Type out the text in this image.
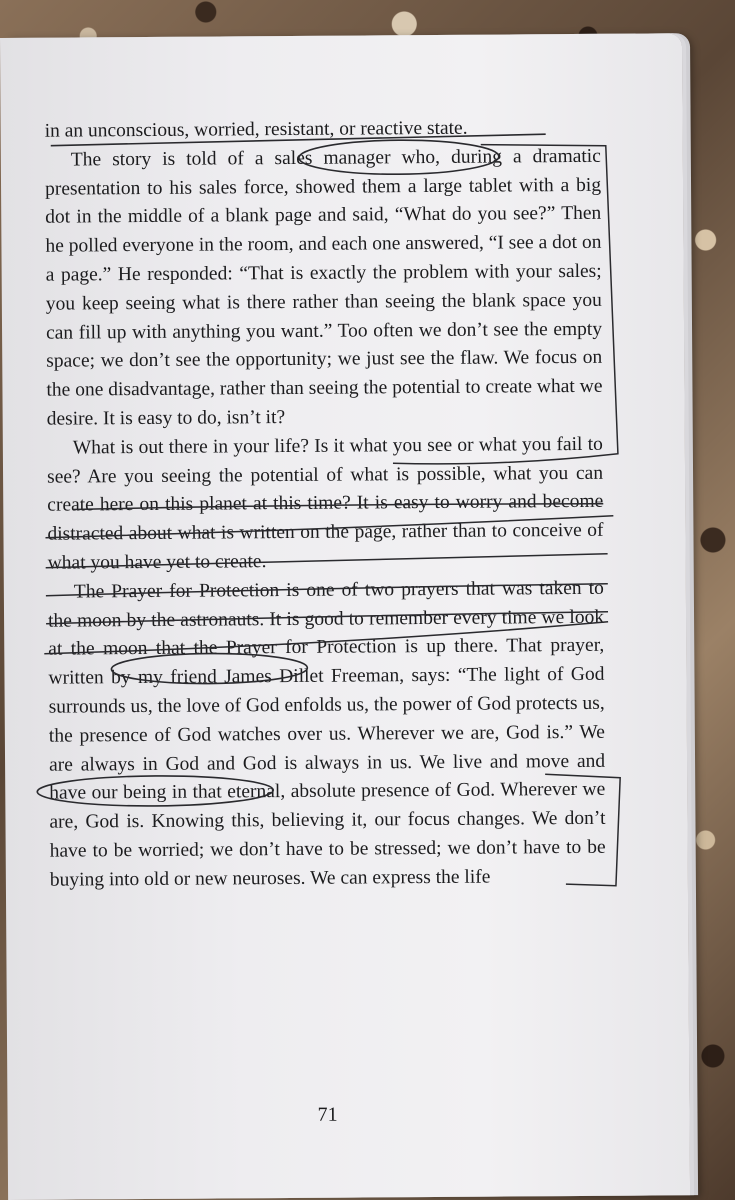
in an unconscious, worried, resistant, or reactive state.

The story is told of a sales manager who, during a dramatic presentation to his sales force, showed them a large tablet with a big dot in the middle of a blank page and said, “What do you see?” Then he polled everyone in the room, and each one answered, “I see a dot on a page.” He responded: “That is exactly the problem with your sales; you keep seeing what is there rather than seeing the blank space you can fill up with anything you want.” Too often we don’t see the empty space; we don’t see the opportunity; we just see the flaw. We focus on the one disadvantage, rather than seeing the potential to create what we desire. It is easy to do, isn’t it?

What is out there in your life? Is it what you see or what you fail to see? Are you seeing the potential of what is possible, what you can create here on this planet at this time? It is easy to worry and become distracted about what is written on the page, rather than to conceive of what you have yet to create.

The Prayer for Protection is one of two prayers that was taken to the moon by the astronauts. It is good to remember every time we look at the moon that the Prayer for Protection is up there. That prayer, written by my friend James Dillet Freeman, says: “The light of God surrounds us, the love of God enfolds us, the power of God protects us, the presence of God watches over us. Wherever we are, God is.” We are always in God and God is always in us. We live and move and have our being in that eternal, absolute presence of God. Wherever we are, God is. Knowing this, believing it, our focus changes. We don’t have to be worried; we don’t have to be stressed; we don’t have to be buying into old or new neuroses. We can express the life

71
